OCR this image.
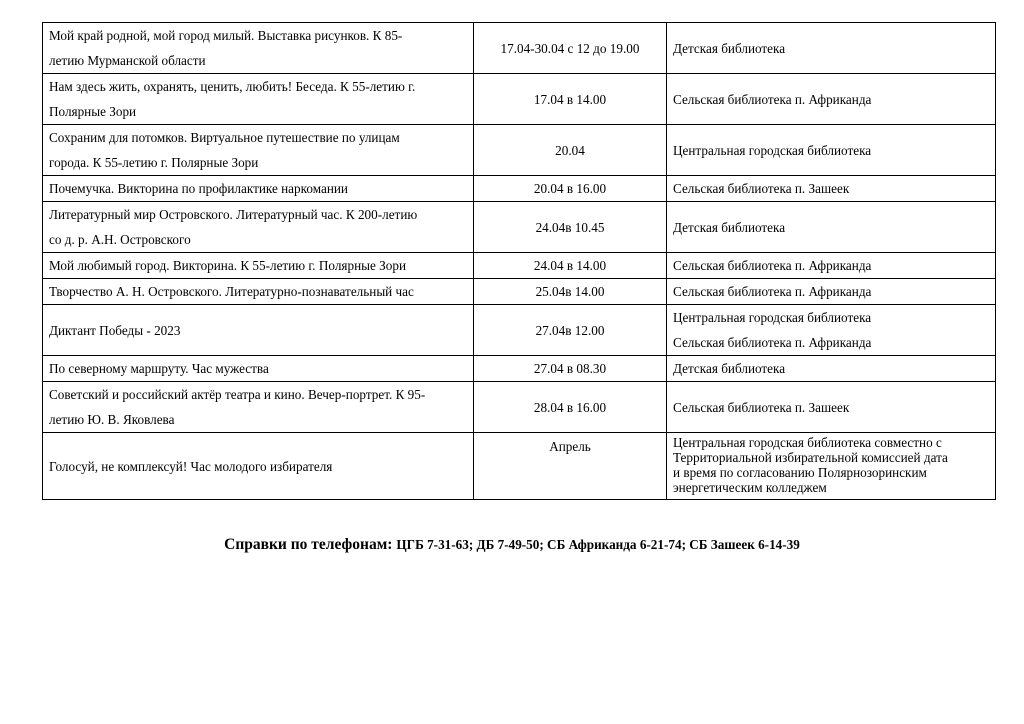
Мой край родной, мой город милый. Выставка рисунков. К 85-
летию Мурманской области	17.04-30.04 с 12 до 19.00	Детская библиотека

Нам здесь жить, охранять, ценить, любить! Беседа. К 55-летию г.
Полярные Зори	17.04 в 14.00	Сельская библиотека п. Африканда

Сохраним для потомков. Виртуальное путешествие по улицам
города. К 55-летию г. Полярные Зори	20.04	Центральная городская библиотека

Почемучка. Викторина по профилактике наркомании	20.04 в 16.00	Сельская библиотека п. Зашеек

Литературный мир Островского. Литературный час. К 200-летию
со д. р. А.Н. Островского	24.04в 10.45	Детская библиотека

Мой любимый город. Викторина. К 55-летию г. Полярные Зори	24.04 в 14.00	Сельская библиотека п. Африканда

Творчество А. Н. Островского. Литературно-познавательный час	25.04в 14.00	Сельская библиотека п. Африканда

Диктант Победы - 2023	27.04в 12.00	Центральная городская библиотека
Сельская библиотека п. Африканда

По северному маршруту. Час мужества	27.04 в 08.30	Детская библиотека

Советский и российский актёр театра и кино. Вечер-портрет. К 95-
летию Ю. В. Яковлева	28.04 в 16.00	Сельская библиотека п. Зашеек

Голосуй, не комплексуй! Час молодого избирателя	Апрель	Центральная городская библиотека совместно с
Территориальной избирательной комиссией дата
и время по согласованию Полярнозоринским
энергетическим колледжем
Справки по телефонам: ЦГБ 7-31-63; ДБ 7-49-50; СБ Африканда 6-21-74; СБ Зашеек 6-14-39
